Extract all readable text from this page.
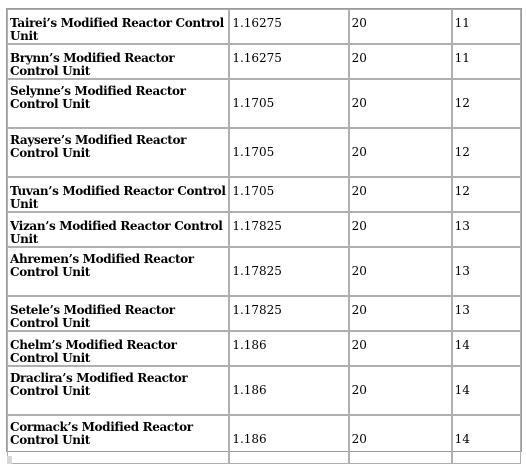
Tairei’s Modified Reactor Control Unit	1.16275	20	11
Brynn’s Modified Reactor Control Unit	1.16275	20	11
Selynne’s Modified Reactor Control Unit	1.1705	20	12
Raysere’s Modified Reactor Control Unit	1.1705	20	12
Tuvan’s Modified Reactor Control Unit	1.1705	20	12
Vizan’s Modified Reactor Control Unit	1.17825	20	13
Ahremen’s Modified Reactor Control Unit	1.17825	20	13
Setele’s Modified Reactor Control Unit	1.17825	20	13
Chelm’s Modified Reactor Control Unit	1.186	20	14
Draclira’s Modified Reactor Control Unit	1.186	20	14
Cormack’s Modified Reactor Control Unit	1.186	20	14
